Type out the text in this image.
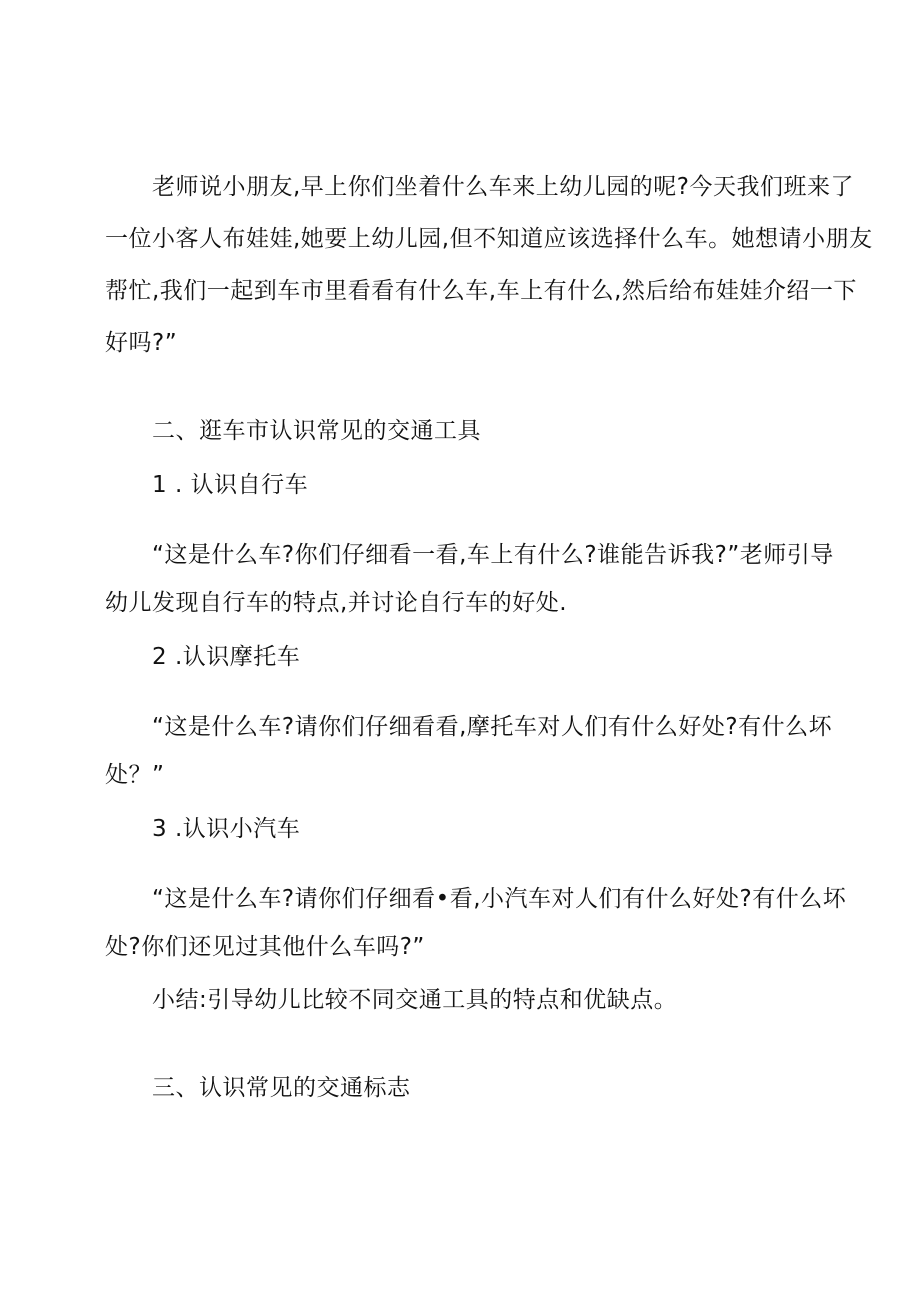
老师说小朋友,早上你们坐着什么车来上幼儿园的呢?今天我们班来了
一位小客人布娃娃,她要上幼儿园,但不知道应该选择什么车。她想请小朋友
帮忙,我们一起到车市里看看有什么车,车上有什么,然后给布娃娃介绍一下
好吗?”
二、逛车市认识常见的交通工具
1 . 认识自行车
“这是什么车?你们仔细看一看,车上有什么?谁能告诉我?”老师引导
幼儿发现自行车的特点,并讨论自行车的好处.
2 .认识摩托车
“这是什么车?请你们仔细看看,摩托车对人们有什么好处?有什么坏
处？”
3 .认识小汽车
“这是什么车?请你们仔细看•看,小汽车对人们有什么好处?有什么坏
处?你们还见过其他什么车吗?”
小结:引导幼儿比较不同交通工具的特点和优缺点。
三、认识常见的交通标志
